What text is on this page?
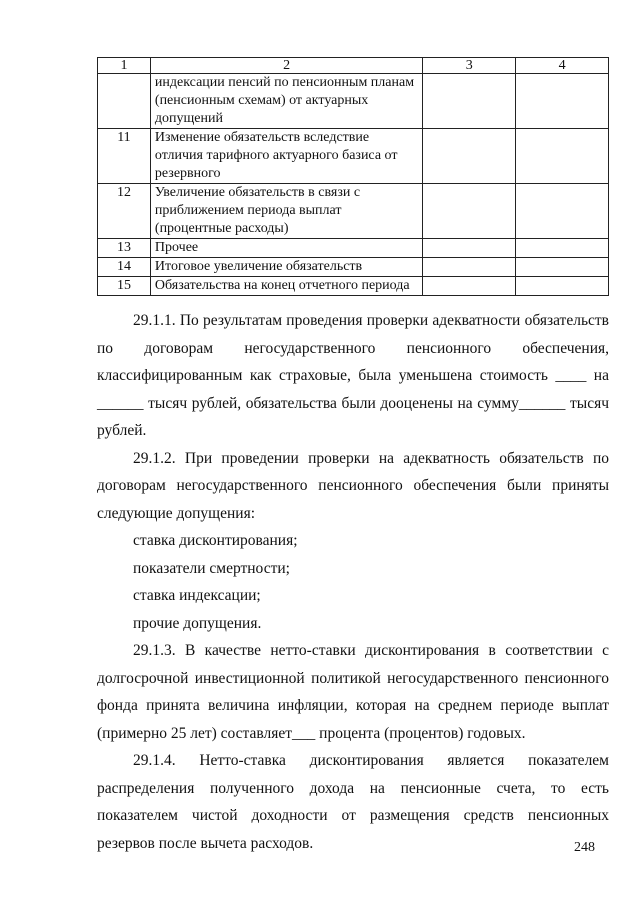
1	2	3	4
	индексации пенсий по пенсионным планам (пенсионным схемам) от актуарных допущений		
11	Изменение обязательств вследствие отличия тарифного актуарного базиса от резервного		
12	Увеличение обязательств в связи с приближением периода выплат (процентные расходы)		
13	Прочее		
14	Итоговое увеличение обязательств		
15	Обязательства на конец отчетного периода		

29.1.1. По результатам проведения проверки адекватности обязательств по договорам негосударственного пенсионного обеспечения, классифицированным как страховые, была уменьшена стоимость ____ на ______ тысяч рублей, обязательства были дооценены на сумму______ тысяч рублей.

29.1.2. При проведении проверки на адекватность обязательств по договорам негосударственного пенсионного обеспечения были приняты следующие допущения:

ставка дисконтирования;

показатели смертности;

ставка индексации;

прочие допущения.

29.1.3. В качестве нетто-ставки дисконтирования в соответствии с долгосрочной инвестиционной политикой негосударственного пенсионного фонда принята величина инфляции, которая на среднем периоде выплат (примерно 25 лет) составляет___ процента (процентов) годовых.

29.1.4. Нетто-ставка дисконтирования является показателем распределения полученного дохода на пенсионные счета, то есть показателем чистой доходности от размещения средств пенсионных резервов после вычета расходов.	248
